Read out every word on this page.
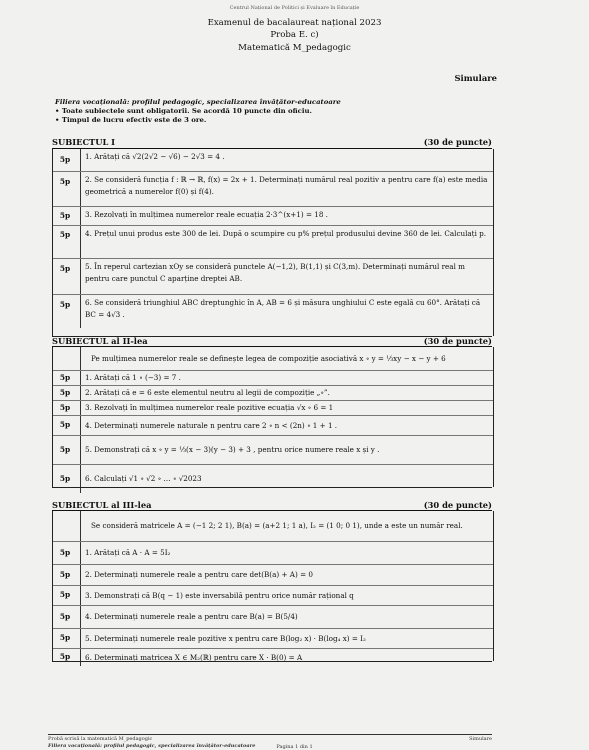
Centrul Național de Politici și Evaluare în Educație
Examenul de bacalaureat național 2023
Proba E. c)
Matematică M_pedagogic
Simulare
Filiera vocațională: profilul pedagogic, specializarea învățător-educatoare
• Toate subiectele sunt obligatorii. Se acordă 10 puncte din oficiu.
• Timpul de lucru efectiv este de 3 ore.
SUBIECTUL I	(30 de puncte)
5p	1. Arătați că √2(2√2 − √6) − 2√3 = 4 .
5p	2. Se consideră funcția f : ℝ → ℝ, f(x) = 2x + 1. Determinați numărul real pozitiv a pentru care f(a) este media geometrică a numerelor f(0) și f(4).
5p	3. Rezolvați în mulțimea numerelor reale ecuația 2·3^(x+1) = 18 .
5p	4. Prețul unui produs este 300 de lei. După o scumpire cu p% prețul produsului devine 360 de lei. Calculați p.
5p	5. În reperul cartezian xOy se consideră punctele A(−1,2), B(1,1) și C(3,m). Determinați numărul real m pentru care punctul C aparține dreptei AB.
5p	6. Se consideră triunghiul ABC dreptunghic în A, AB = 6 și măsura unghiului C este egală cu 60°. Arătați că BC = 4√3 .
SUBIECTUL al II-lea	(30 de puncte)
Pe mulțimea numerelor reale se definește legea de compoziție asociativă x ∘ y = ⅓xy − x − y + 6
5p	1. Arătați că 1 ∘ (−3) = 7 .
5p	2. Arătați că e = 6 este elementul neutru al legii de compoziție „∘”.
5p	3. Rezolvați în mulțimea numerelor reale pozitive ecuația √x ∘ 6 = 1
5p	4. Determinați numerele naturale n pentru care 2 ∘ n < (2n) ∘ 1 + 1 .
5p	5. Demonstrați că x ∘ y = ⅓(x − 3)(y − 3) + 3 , pentru orice numere reale x și y .
5p	6. Calculați √1 ∘ √2 ∘ … ∘ √2023
SUBIECTUL al III-lea	(30 de puncte)
Se consideră matricele A = (−1 2; 2 1), B(a) = (a+2 1; 1 a), I₂ = (1 0; 0 1), unde a este un număr real.
5p	1. Arătați că A · A = 5I₂
5p	2. Determinați numerele reale a pentru care det(B(a) + A) = 0
5p	3. Demonstrați că B(q − 1) este inversabilă pentru orice număr rațional q
5p	4. Determinați numerele reale a pentru care B(a) = B(5/4)
5p	5. Determinați numerele reale pozitive x pentru care B(log₂ x) · B(log₄ x) = I₂
5p	6. Determinați matricea X ∈ M₂(ℝ) pentru care X · B(0) = A
Probă scrisă la matematică M_pedagogic	Simulare
Filiera vocațională: profilul pedagogic, specializarea învățător-educatoare	Pagina 1 din 1
